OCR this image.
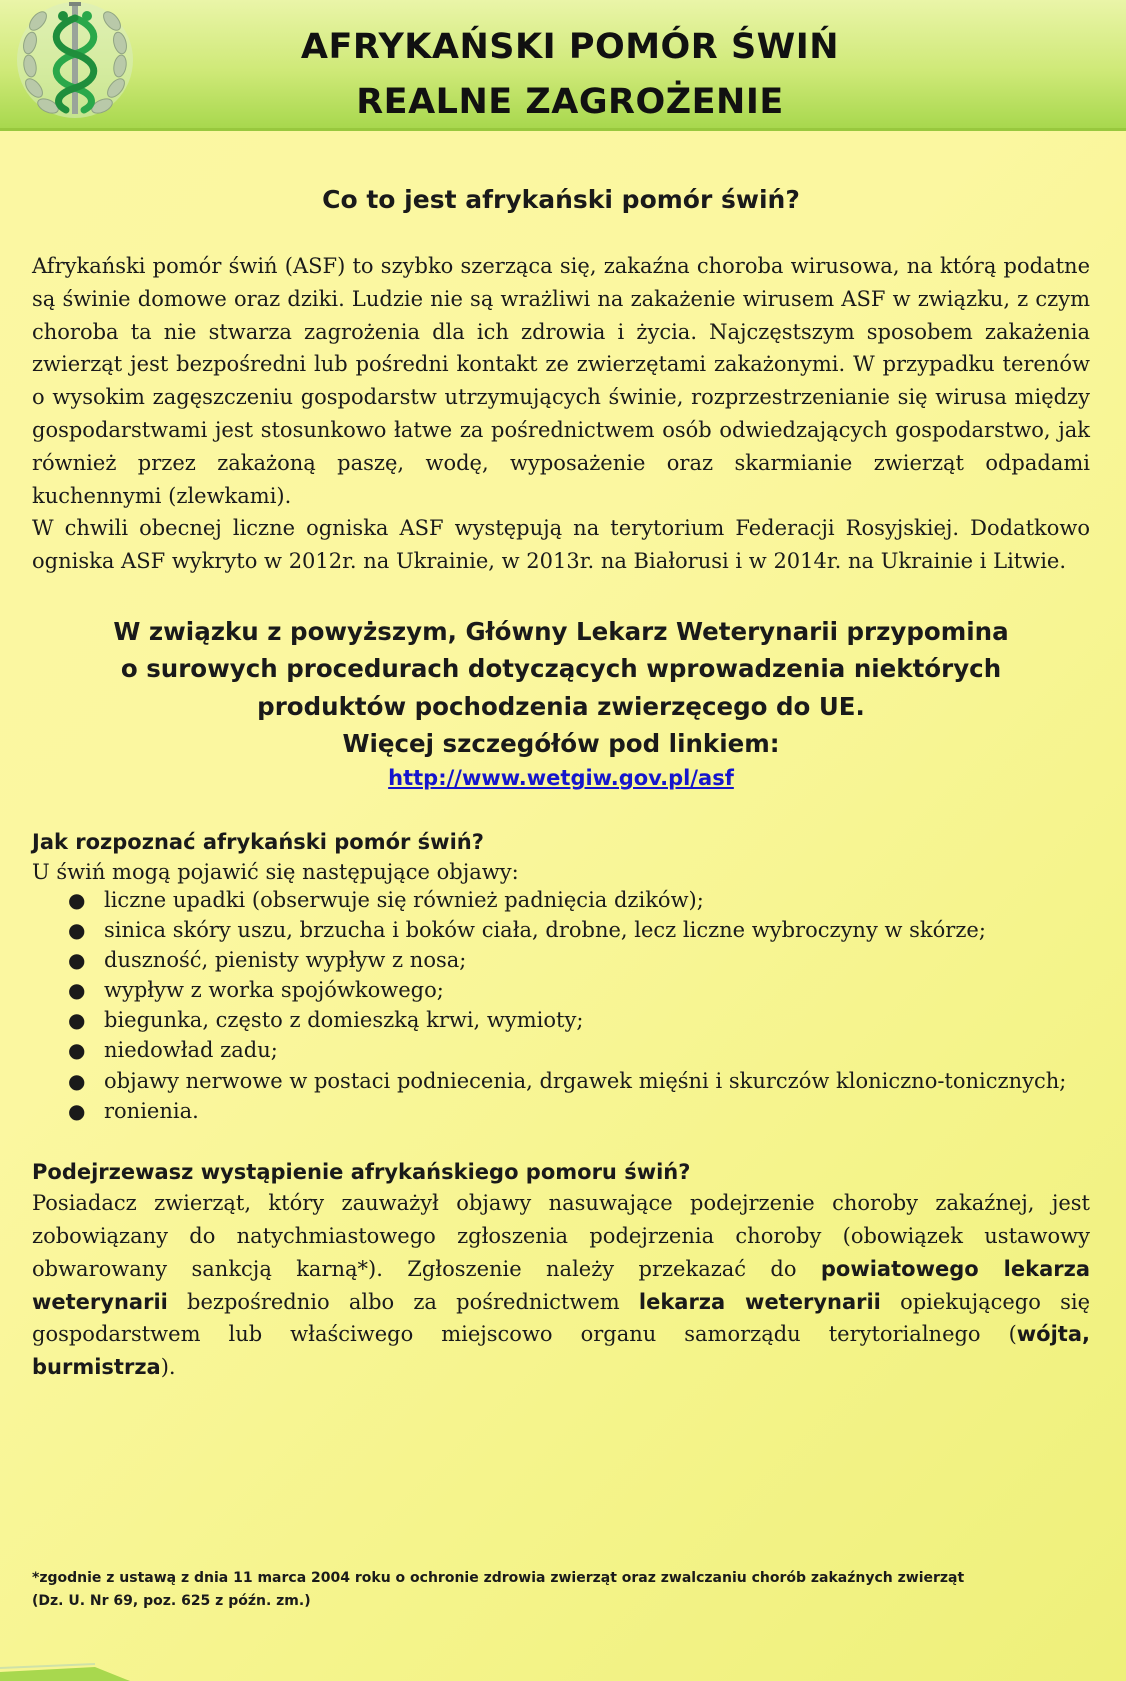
AFRYKAŃSKI POMÓR ŚWIŃ
REALNE ZAGROŻENIE
Co to jest afrykański pomór świń?

Afrykański pomór świń (ASF) to szybko szerząca się, zakaźna choroba wirusowa, na którą podatne są świnie domowe oraz dziki. Ludzie nie są wrażliwi na zakażenie wirusem ASF w związku, z czym choroba ta nie stwarza zagrożenia dla ich zdrowia i życia. Najczęstszym sposobem zakażenia zwierząt jest bezpośredni lub pośredni kontakt ze zwierzętami zakażonymi. W przypadku terenów o wysokim zagęszczeniu gospodarstw utrzymujących świnie, rozprzestrzenianie się wirusa między gospodarstwami jest stosunkowo łatwe za pośrednictwem osób odwiedzających gospodarstwo, jak również przez zakażoną paszę, wodę, wyposażenie oraz skarmianie zwierząt odpadami kuchennymi (zlewkami).

W chwili obecnej liczne ogniska ASF występują na terytorium Federacji Rosyjskiej. Dodatkowo ogniska ASF wykryto w 2012r. na Ukrainie, w 2013r. na Białorusi i w 2014r. na Ukrainie i Litwie.

W związku z powyższym, Główny Lekarz Weterynarii przypomina
o surowych procedurach dotyczących wprowadzenia niektórych
produktów pochodzenia zwierzęcego do UE.
Więcej szczegółów pod linkiem:
http://www.wetgiw.gov.pl/asf
Jak rozpoznać afrykański pomór świń?
U świń mogą pojawić się następujące objawy:
● liczne upadki (obserwuje się również padnięcia dzików);
● sinica skóry uszu, brzucha i boków ciała, drobne, lecz liczne wybroczyny w skórze;
● duszność, pienisty wypływ z nosa;
● wypływ z worka spojówkowego;
● biegunka, często z domieszką krwi, wymioty;
● niedowład zadu;
● objawy nerwowe w postaci podniecenia, drgawek mięśni i skurczów kloniczno-tonicznych;
● ronienia.
Podejrzewasz wystąpienie afrykańskiego pomoru świń?

Posiadacz zwierząt, który zauważył objawy nasuwające podejrzenie choroby zakaźnej, jest zobowiązany do natychmiastowego zgłoszenia podejrzenia choroby (obowiązek ustawowy obwarowany sankcją karną*). Zgłoszenie należy przekazać do powiatowego lekarza weterynarii bezpośrednio albo za pośrednictwem lekarza weterynarii opiekującego się gospodarstwem lub właściwego miejscowo organu samorządu terytorialnego (wójta, burmistrza).

*zgodnie z ustawą z dnia 11 marca 2004 roku o ochronie zdrowia zwierząt oraz zwalczaniu chorób zakaźnych zwierząt
(Dz. U. Nr 69, poz. 625 z późn. zm.)
